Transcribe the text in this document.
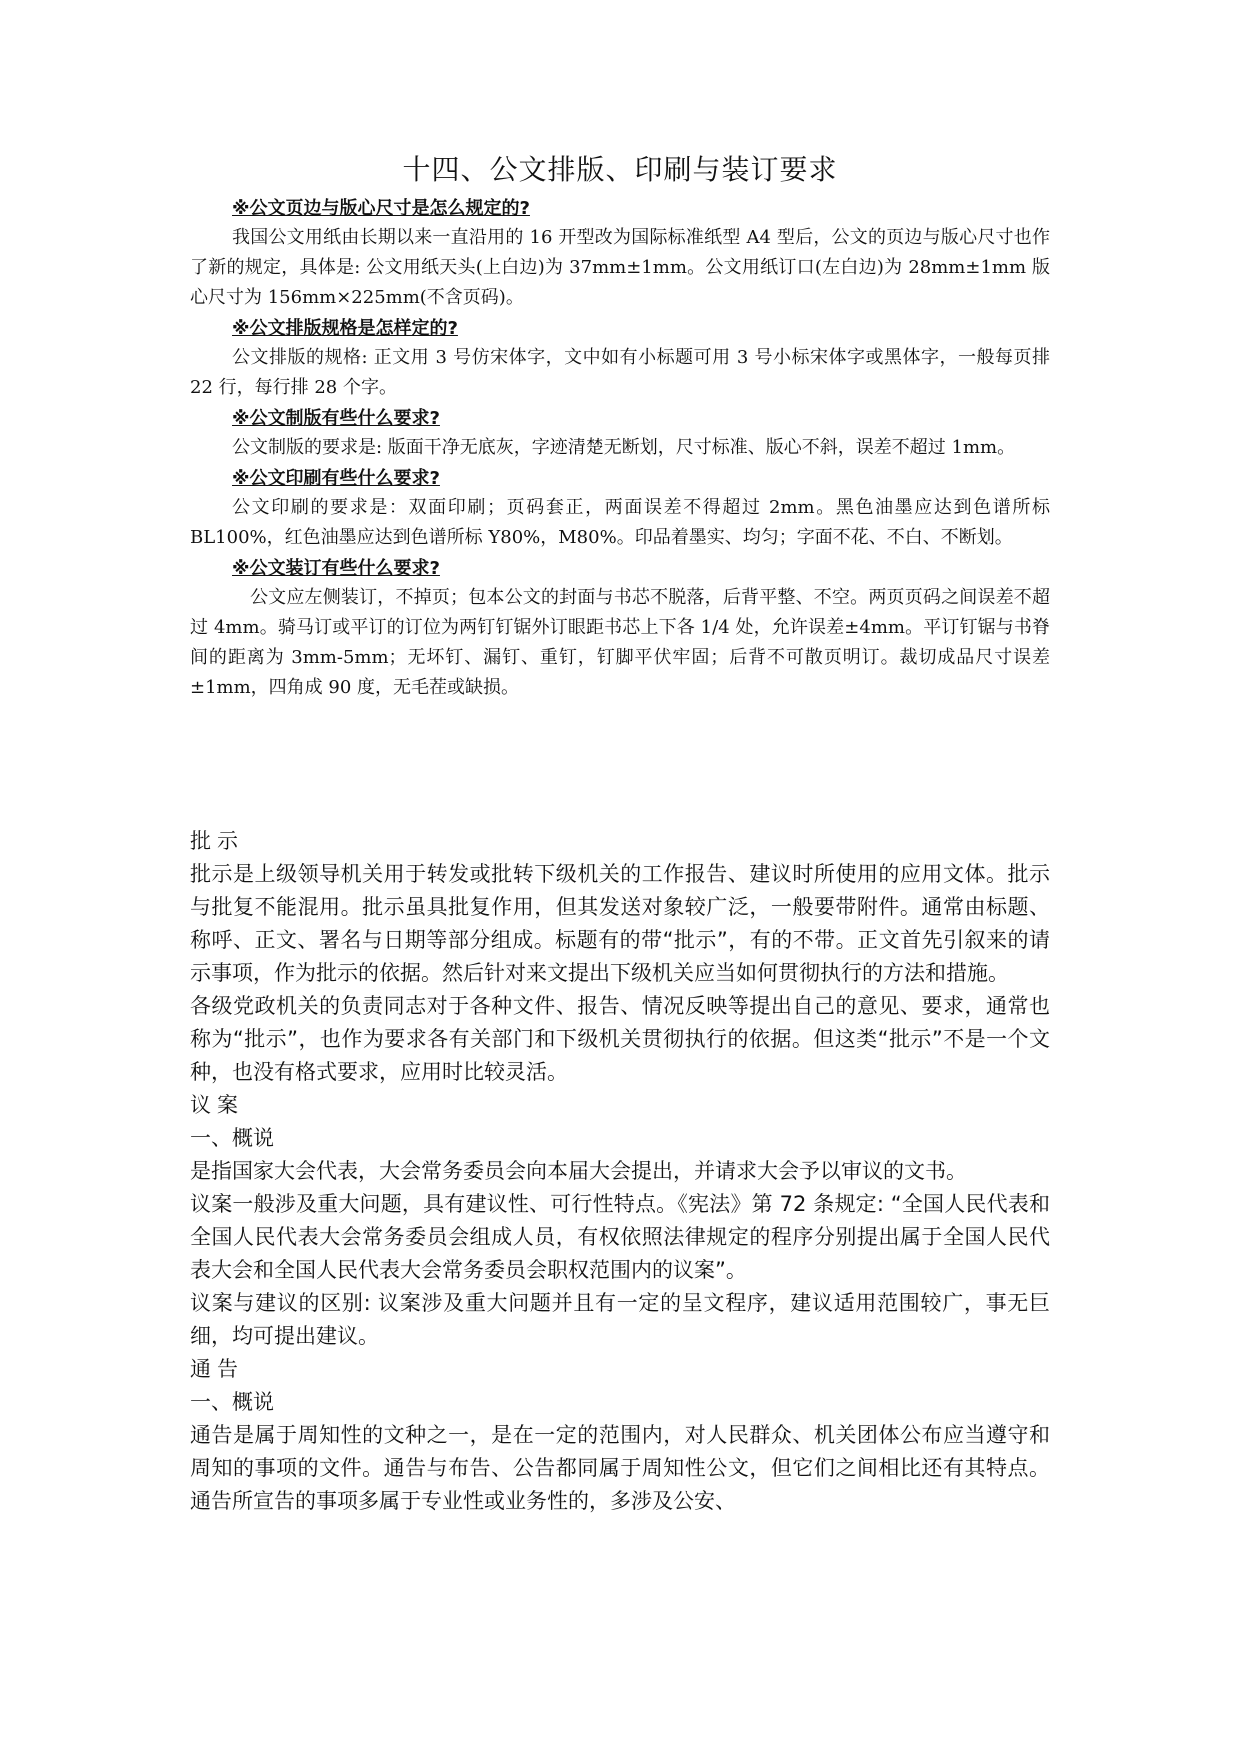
十四、公文排版、印刷与装订要求

※公文页边与版心尺寸是怎么规定的?

我国公文用纸由长期以来一直沿用的 16 开型改为国际标准纸型 A4 型后，公文的页边与版心尺寸也作了新的规定，具体是: 公文用纸天头(上白边)为 37mm±1mm。公文用纸订口(左白边)为 28mm±1mm 版心尺寸为 156mm×225mm(不含页码)。

※公文排版规格是怎样定的?

公文排版的规格: 正文用 3 号仿宋体字，文中如有小标题可用 3 号小标宋体字或黑体字，一般每页排 22 行，每行排 28 个字。

※公文制版有些什么要求?

公文制版的要求是: 版面干净无底灰，字迹清楚无断划，尺寸标准、版心不斜，误差不超过 1mm。

※公文印刷有些什么要求?

公文印刷的要求是：双面印刷；页码套正，两面误差不得超过 2mm。黑色油墨应达到色谱所标 BL100%，红色油墨应达到色谱所标 Y80%，M80%。印品着墨实、均匀；字面不花、不白、不断划。

※公文装订有些什么要求?

公文应左侧装订，不掉页；包本公文的封面与书芯不脱落，后背平整、不空。两页页码之间误差不超过 4mm。骑马订或平订的订位为两钉钉锯外订眼距书芯上下各 1/4 处，允许误差±4mm。平订钉锯与书脊间的距离为 3mm-5mm；无坏钉、漏钉、重钉，钉脚平伏牢固；后背不可散页明订。裁切成品尺寸误差±1mm，四角成 90 度，无毛茬或缺损。

批示

批示是上级领导机关用于转发或批转下级机关的工作报告、建议时所使用的应用文体。批示与批复不能混用。批示虽具批复作用，但其发送对象较广泛，一般要带附件。通常由标题、称呼、正文、署名与日期等部分组成。标题有的带“批示”，有的不带。正文首先引叙来的请示事项，作为批示的依据。然后针对来文提出下级机关应当如何贯彻执行的方法和措施。

各级党政机关的负责同志对于各种文件、报告、情况反映等提出自己的意见、要求，通常也称为“批示”，也作为要求各有关部门和下级机关贯彻执行的依据。但这类“批示”不是一个文种，也没有格式要求，应用时比较灵活。

议案

一、概说

是指国家大会代表，大会常务委员会向本届大会提出，并请求大会予以审议的文书。

议案一般涉及重大问题，具有建议性、可行性特点。《宪法》第 72 条规定: “全国人民代表和全国人民代表大会常务委员会组成人员，有权依照法律规定的程序分别提出属于全国人民代表大会和全国人民代表大会常务委员会职权范围内的议案”。

议案与建议的区别: 议案涉及重大问题并且有一定的呈文程序，建议适用范围较广，事无巨细，均可提出建议。

通告

一、概说

通告是属于周知性的文种之一，是在一定的范围内，对人民群众、机关团体公布应当遵守和周知的事项的文件。通告与布告、公告都同属于周知性公文，但它们之间相比还有其特点。通告所宣告的事项多属于专业性或业务性的，多涉及公安、
